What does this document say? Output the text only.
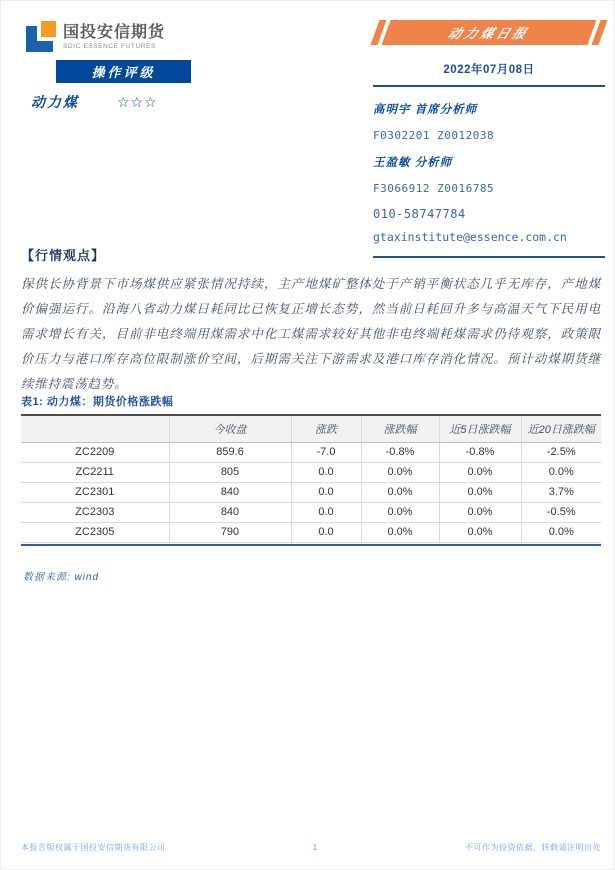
国投安信期货
SDIC ESSENCE FUTURES
操作评级
动力煤	☆☆☆
动力煤日报
2022年07月08日
高明宇 首席分析师
F0302201 Z0012038
王盈敏 分析师
F3066912 Z0016785
010-58747784
gtaxinstitute@essence.com.cn
【行情观点】
保供长协背景下市场煤供应紧张情况持续，主产地煤矿整体处于产销平衡状态几乎无库存，产地煤价偏强运行。沿海八省动力煤日耗同比已恢复正增长态势，然当前日耗回升多与高温天气下民用电需求增长有关，目前非电终端用煤需求中化工煤需求较好其他非电终端耗煤需求仍待观察，政策限价压力与港口库存高位限制涨价空间，后期需关注下游需求及港口库存消化情况。预计动煤期货继续维持震荡趋势。
表1: 动力煤：期货价格涨跌幅
	今收盘	涨跌	涨跌幅	近5日涨跌幅	近20日涨跌幅
ZC2209	859.6	-7.0	-0.8%	-0.8%	-2.5%
ZC2211	805	0.0	0.0%	0.0%	0.0%
ZC2301	840	0.0	0.0%	0.0%	3.7%
ZC2303	840	0.0	0.0%	0.0%	-0.5%
ZC2305	790	0.0	0.0%	0.0%	0.0%
数据来源: wind
本报告版权属于国投安信期货有限公司	1	不可作为投资依据，转载请注明出处
